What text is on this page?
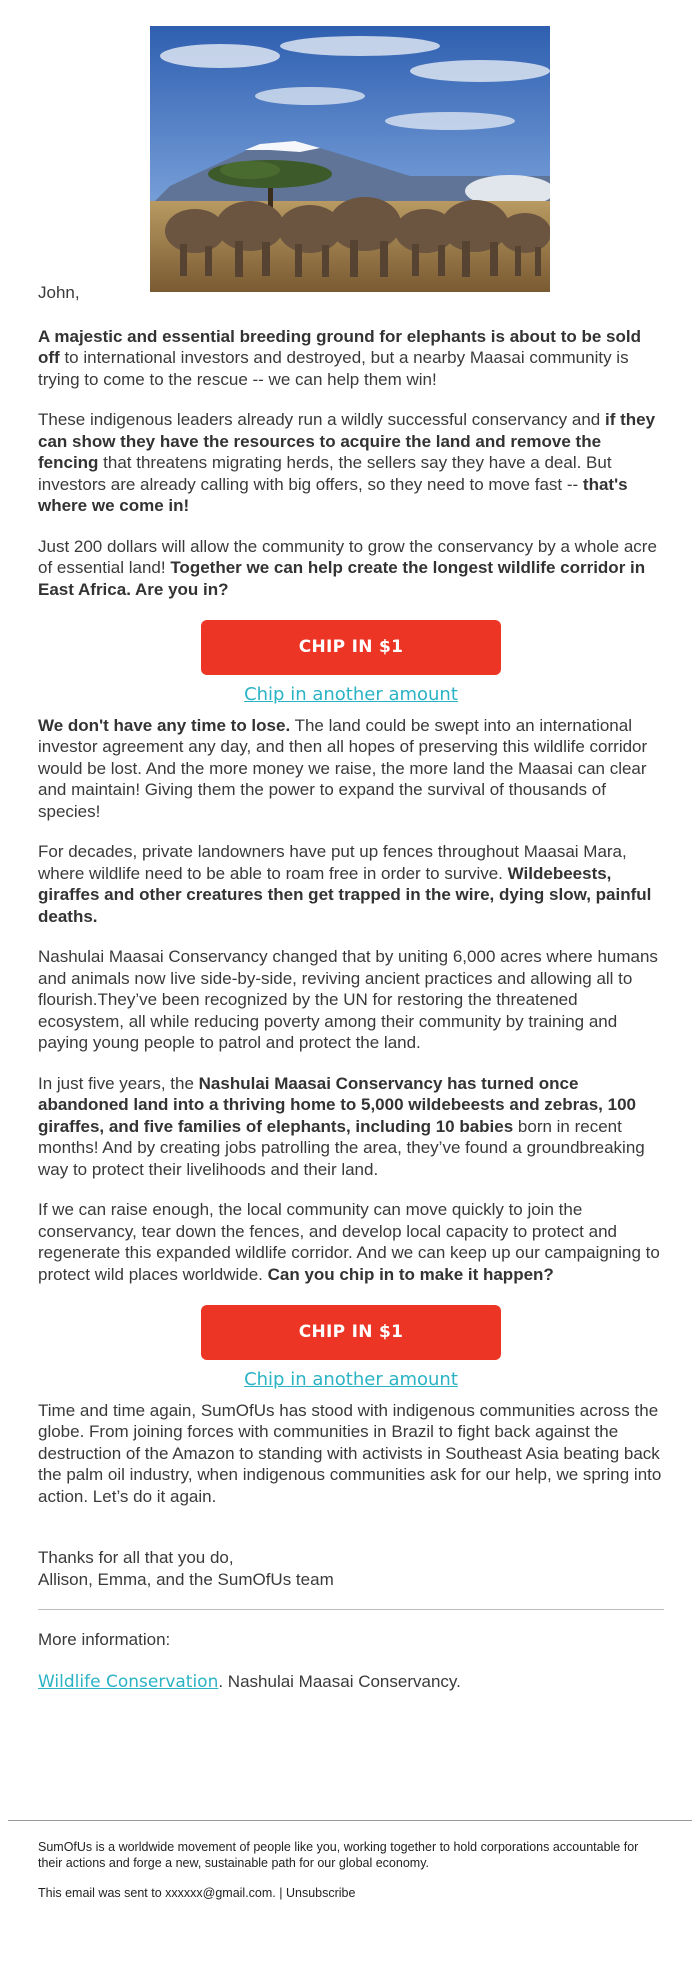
John,

A majestic and essential breeding ground for elephants is about to be sold off to international investors and destroyed, but a nearby Maasai community is trying to come to the rescue -- we can help them win!

These indigenous leaders already run a wildly successful conservancy and if they can show they have the resources to acquire the land and remove the fencing that threatens migrating herds, the sellers say they have a deal. But investors are already calling with big offers, so they need to move fast -- that's where we come in!

Just 200 dollars will allow the community to grow the conservancy by a whole acre of essential land! Together we can help create the longest wildlife corridor in East Africa. Are you in?

CHIP IN $1
Chip in another amount

We don't have any time to lose. The land could be swept into an international investor agreement any day, and then all hopes of preserving this wildlife corridor would be lost. And the more money we raise, the more land the Maasai can clear and maintain! Giving them the power to expand the survival of thousands of species!

For decades, private landowners have put up fences throughout Maasai Mara, where wildlife need to be able to roam free in order to survive. Wildebeests, giraffes and other creatures then get trapped in the wire, dying slow, painful deaths.

Nashulai Maasai Conservancy changed that by uniting 6,000 acres where humans and animals now live side-by-side, reviving ancient practices and allowing all to flourish.They’ve been recognized by the UN for restoring the threatened ecosystem, all while reducing poverty among their community by training and paying young people to patrol and protect the land.

In just five years, the Nashulai Maasai Conservancy has turned once abandoned land into a thriving home to 5,000 wildebeests and zebras, 100 giraffes, and five families of elephants, including 10 babies born in recent months! And by creating jobs patrolling the area, they’ve found a groundbreaking way to protect their livelihoods and their land.

If we can raise enough, the local community can move quickly to join the conservancy, tear down the fences, and develop local capacity to protect and regenerate this expanded wildlife corridor. And we can keep up our campaigning to protect wild places worldwide. Can you chip in to make it happen?

CHIP IN $1
Chip in another amount

Time and time again, SumOfUs has stood with indigenous communities across the globe. From joining forces with communities in Brazil to fight back against the destruction of the Amazon to standing with activists in Southeast Asia beating back the palm oil industry, when indigenous communities ask for our help, we spring into action. Let’s do it again.

Thanks for all that you do,
Allison, Emma, and the SumOfUs team

More information:

Wildlife Conservation. Nashulai Maasai Conservancy.

SumOfUs is a worldwide movement of people like you, working together to hold corporations accountable for their actions and forge a new, sustainable path for our global economy.

This email was sent to xxxxxx@gmail.com. | Unsubscribe
